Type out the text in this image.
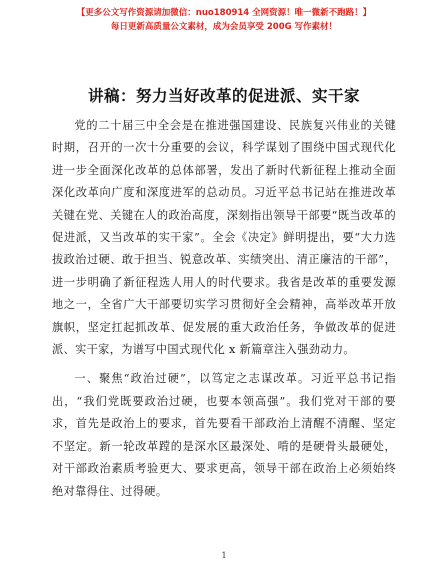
【更多公文写作资源请加微信：nuo180914 全网资源！唯一微新不跑路！】
每日更新高质量公文素材，成为会员享受 200G 写作素材！
讲稿：努力当好改革的促进派、实干家

党的二十届三中全会是在推进强国建设、民族复兴伟业的关键时期，召开的一次十分重要的会议，科学谋划了围绕中国式现代化进一步全面深化改革的总体部署，发出了新时代新征程上推动全面深化改革向广度和深度进军的总动员。习近平总书记站在推进改革关键在党、关键在人的政治高度，深刻指出领导干部要“既当改革的促进派，又当改革的实干家”。全会《决定》鲜明提出，要“大力选拔政治过硬、敢于担当、锐意改革、实绩突出、清正廉洁的干部”，进一步明确了新征程选人用人的时代要求。我省是改革的重要发源地之一，全省广大干部要切实学习贯彻好全会精神，高举改革开放旗帜，坚定扛起抓改革、促发展的重大政治任务，争做改革的促进派、实干家，为谱写中国式现代化 x 新篇章注入强劲动力。

一、聚焦“政治过硬”，以笃定之志谋改革。习近平总书记指出，“我们党既要政治过硬，也要本领高强”。我们党对干部的要求，首先是政治上的要求，首先要看干部政治上清醒不清醒、坚定不坚定。新一轮改革蹚的是深水区最深处、啃的是硬骨头最硬处，对干部政治素质考验更大、要求更高，领导干部在政治上必须始终绝对靠得住、过得硬。

1
